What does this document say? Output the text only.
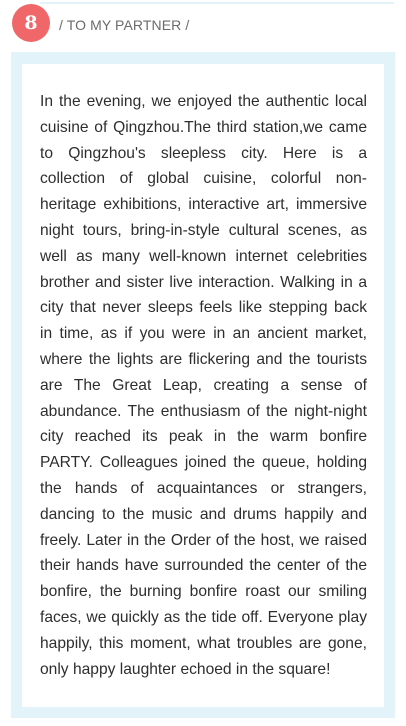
8	/ TO MY PARTNER /

In the evening, we enjoyed the authentic local cuisine of Qingzhou.The third station,we came to Qingzhou's sleepless city. Here is a collection of global cuisine, colorful non-heritage exhibitions, interactive art, immersive night tours, bring-in-style cultural scenes, as well as many well-known internet celebrities brother and sister live interaction. Walking in a city that never sleeps feels like stepping back in time, as if you were in an ancient market, where the lights are flickering and the tourists are The Great Leap, creating a sense of abundance. The enthusiasm of the night-night city reached its peak in the warm bonfire PARTY. Colleagues joined the queue, holding the hands of acquaintances or strangers, dancing to the music and drums happily and freely. Later in the Order of the host, we raised their hands have surrounded the center of the bonfire, the burning bonfire roast our smiling faces, we quickly as the tide off. Everyone play happily, this moment, what troubles are gone, only happy laughter echoed in the square!
